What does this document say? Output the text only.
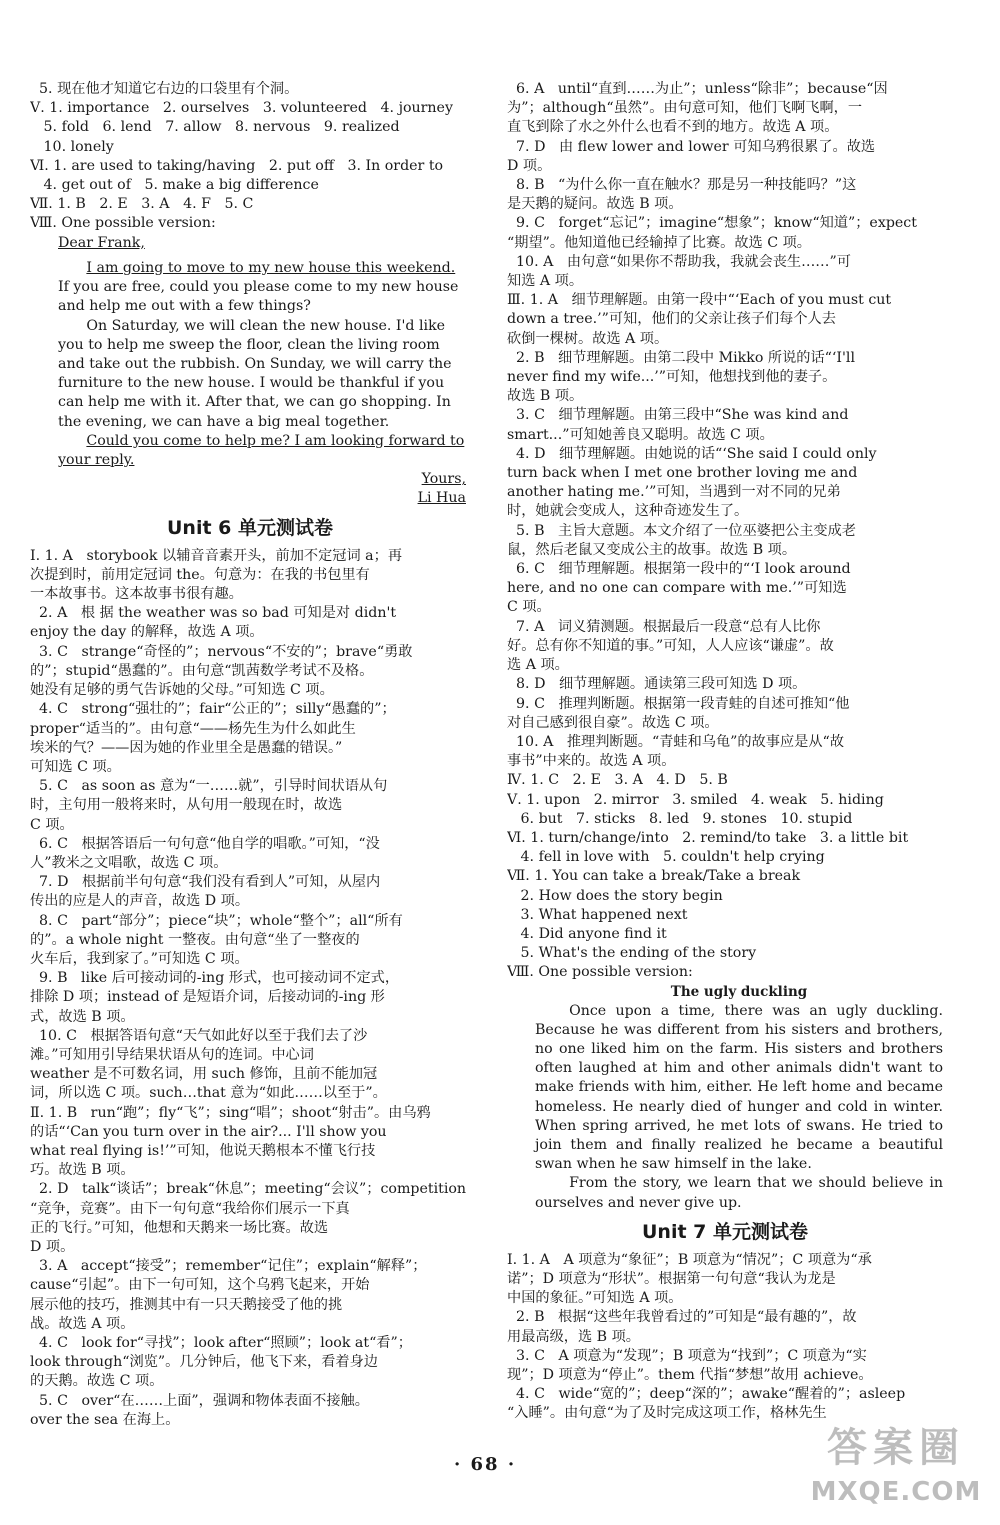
5. 现在他才知道它右边的口袋里有个洞。
Ⅴ. 1. importance   2. ourselves   3. volunteered   4. journey
5. fold   6. lend   7. allow   8. nervous   9. realized
10. lonely
Ⅵ. 1. are used to taking/having   2. put off   3. In order to
4. get out of   5. make a big difference
Ⅶ. 1. B   2. E   3. A   4. F   5. C
Ⅷ. One possible version:
Dear Frank,
I am going to move to my new house this weekend. If you are free, could you please come to my new house and help me out with a few things?
On Saturday, we will clean the new house. I'd like you to help me sweep the floor, clean the living room and take out the rubbish. On Sunday, we will carry the furniture to the new house. I would be thankful if you can help me with it. After that, we can go shopping. In the evening, we can have a big meal together.
Could you come to help me? I am looking forward to your reply.
Yours,
Li Hua
Unit 6 单元测试卷
Ⅰ. 1. A   storybook 以辅音音素开头，前加不定冠词 a；再
次提到时，前用定冠词 the。句意为：在我的书包里有
一本故事书。这本故事书很有趣。
2. A   根 据 the weather was so bad 可知是对 didn't
enjoy the day 的解释，故选 A 项。
3. C   strange“奇怪的”；nervous“不安的”；brave“勇敢
的”；stupid“愚蠢的”。由句意“凯茜数学考试不及格。
她没有足够的勇气告诉她的父母。”可知选 C 项。
4. C   strong“强壮的”；fair“公正的”；silly“愚蠢的”；
proper“适当的”。由句意“——杨先生为什么如此生
埃米的气？——因为她的作业里全是愚蠢的错误。”
可知选 C 项。
5. C   as soon as 意为“一……就”，引导时间状语从句
时，主句用一般将来时，从句用一般现在时，故选
C 项。
6. C   根据答语后一句句意“他自学的唱歌。”可知，“没
人”教米之文唱歌，故选 C 项。
7. D   根据前半句句意“我们没有看到人”可知，从屋内
传出的应是人的声音，故选 D 项。
8. C   part“部分”；piece“块”；whole“整个”；all“所有
的”。a whole night 一整夜。由句意“坐了一整夜的
火车后，我到家了。”可知选 C 项。
9. B   like 后可接动词的-ing 形式，也可接动词不定式，
排除 D 项；instead of 是短语介词，后接动词的-ing 形
式，故选 B 项。
10. C   根据答语句意“天气如此好以至于我们去了沙
滩。”可知用引导结果状语从句的连词。中心词
weather 是不可数名词，用 such 修饰，且前不能加冠
词，所以选 C 项。such…that 意为“如此……以至于”。
Ⅱ. 1. B   run“跑”；fly“飞”；sing“唱”；shoot“射击”。由乌鸦
的话“‘Can you turn over in the air?... I'll show you
what real flying is!’”可知，他说天鹅根本不懂飞行技
巧。故选 B 项。
2. D   talk“谈话”；break“休息”；meeting“会议”；competition
“竞争，竞赛”。由下一句句意“我给你们展示一下真
正的飞行。”可知，他想和天鹅来一场比赛。故选
D 项。
3. A   accept“接受”；remember“记住”；explain“解释”；
cause“引起”。由下一句可知，这个乌鸦飞起来，开始
展示他的技巧，推测其中有一只天鹅接受了他的挑
战。故选 A 项。
4. C   look for“寻找”；look after“照顾”；look at“看”；
look through“浏览”。几分钟后，他飞下来，看着身边
的天鹅。故选 C 项。
5. C   over“在……上面”，强调和物体表面不接触。
over the sea 在海上。
6. A   until“直到……为止”；unless“除非”；because“因
为”；although“虽然”。由句意可知，他们飞啊飞啊，一
直飞到除了水之外什么也看不到的地方。故选 A 项。
7. D   由 flew lower and lower 可知乌鸦很累了。故选
D 项。
8. B   “为什么你一直在触水？那是另一种技能吗？”这
是天鹅的疑问。故选 B 项。
9. C   forget“忘记”；imagine“想象”；know“知道”；expect
“期望”。他知道他已经输掉了比赛。故选 C 项。
10. A   由句意“如果你不帮助我，我就会丧生……”可
知选 A 项。
Ⅲ. 1. A   细节理解题。由第一段中“‘Each of you must cut
down a tree.’”可知，他们的父亲让孩子们每个人去
砍倒一棵树。故选 A 项。
2. B   细节理解题。由第二段中 Mikko 所说的话“‘I'll
never find my wife...’”可知，他想找到他的妻子。
故选 B 项。
3. C   细节理解题。由第三段中“She was kind and
smart...”可知她善良又聪明。故选 C 项。
4. D   细节理解题。由她说的话“‘She said I could only
turn back when I met one brother loving me and
another hating me.’”可知，当遇到一对不同的兄弟
时，她就会变成人，这种奇迹发生了。
5. B   主旨大意题。本文介绍了一位巫婆把公主变成老
鼠，然后老鼠又变成公主的故事。故选 B 项。
6. C   细节理解题。根据第一段中的“‘I look around
here, and no one can compare with me.’”可知选
C 项。
7. A   词义猜测题。根据最后一段意“总有人比你
好。总有你不知道的事。”可知，人人应该“谦虚”。故
选 A 项。
8. D   细节理解题。通读第三段可知选 D 项。
9. C   推理判断题。根据第一段青蛙的自述可推知“他
对自己感到很自豪”。故选 C 项。
10. A   推理判断题。“青蛙和乌龟”的故事应是从“故
事书”中来的。故选 A 项。
Ⅳ. 1. C   2. E   3. A   4. D   5. B
Ⅴ. 1. upon   2. mirror   3. smiled   4. weak   5. hiding
6. but   7. sticks   8. led   9. stones   10. stupid
Ⅵ. 1. turn/change/into   2. remind/to take   3. a little bit
4. fell in love with   5. couldn't help crying
Ⅶ. 1. You can take a break/Take a break
2. How does the story begin
3. What happened next
4. Did anyone find it
5. What's the ending of the story
Ⅷ. One possible version:
The ugly duckling

Once upon a time, there was an ugly duckling. Because he was different from his sisters and brothers, no one liked him on the farm. His sisters and brothers often laughed at him and other animals didn't want to make friends with him, either. He left home and became homeless. He nearly died of hunger and cold in winter. When spring arrived, he met lots of swans. He tried to join them and finally realized he became a beautiful swan when he saw himself in the lake.

From the story, we learn that we should believe in ourselves and never give up.

Unit 7 单元测试卷
Ⅰ. 1. A   A 项意为“象征”；B 项意为“情况”；C 项意为“承
诺”；D 项意为“形状”。根据第一句句意“我认为龙是
中国的象征。”可知选 A 项。
2. B   根据“这些年我曾看过的”可知是“最有趣的”，故
用最高级，选 B 项。
3. C   A 项意为“发现”；B 项意为“找到”；C 项意为“实
现”；D 项意为“停止”。them 代指“梦想”故用 achieve。
4. C   wide“宽的”；deep“深的”；awake“醒着的”；asleep
“入睡”。由句意“为了及时完成这项工作，格林先生
· 68 ·	答案圈
MXQE.COM
